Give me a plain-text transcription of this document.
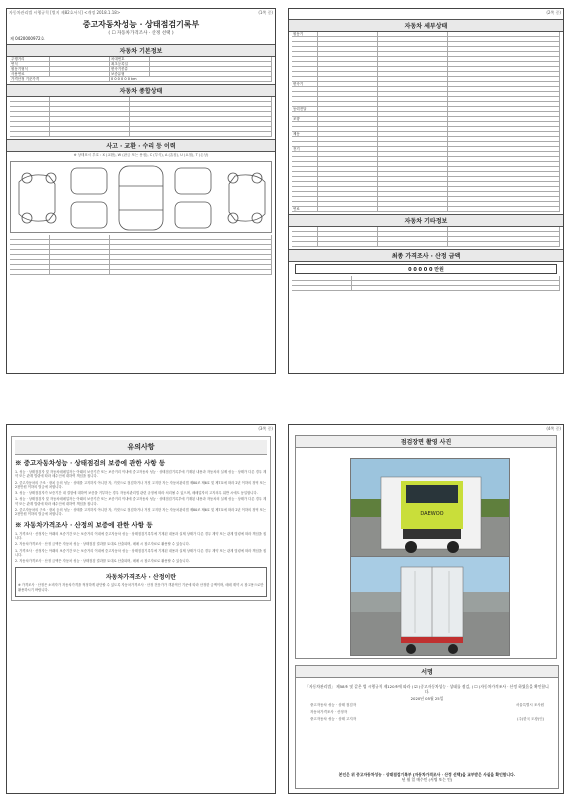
자동차관리법 시행규칙 [별지 제82호서식] <개정 2018.1.18>	(1쪽 중)
중고자동차성능 · 상태점검기록부
( ☐ 자동차가격조사 · 산정 선택 )
제 0420000972호
자동차 기본정보
주행거리	차대번호
연식	최초등록일
원동기형식	변속기종류
사용연료	보증유형
가격산정 기준가격	0 0 0 0 0 0 km
자동차 종합상태
사고 · 교환 · 수리 등 이력
※ 상태표시 부호 : X (교환), W (판금 또는 용접), C (부식), A (흠집), U (요철), T (손상)
(2쪽 중)
자동차 세부상태
원동기
변속기
동력전달
조향
제동
전기
연료
자동차 기타정보
최종 가격조사 · 산정 금액
0 0 0 0 0 만원
(3쪽 중)
유의사항
※ 중고자동차성능 · 상태점검의 보증에 관한 사항 등
1. 성능 · 상태점검자 및 자동차매매업자는 아래의 보증기간 또는 보증거리 이내에 중고자동차 성능 · 상태점검기록부에 기재된 내용과 자동차의 실제 성능 · 상태가 다른 경우 계약 또는 관계 법령에 따라 매수인에 대하여 책임을 집니다.
2. 중고자동차의 구조 · 장치 등의 성능 · 상태를 고지하지 아니한 자, 거짓으로 점검하거나 거짓 고지한 자는 자동차관리법 제80조 제6호 및 제7호에 따라 2년 이하의 징역 또는 2천만원 이하의 벌금에 처합니다.
3. 성능 · 상태점검자가 보증기간 내 결함에 대하여 보증을 거부하는 경우 자동차관리법 관련 규정에 따라 처리될 수 있으며, 매매업자의 고지의무 위반 시에도 동일합니다.
1. 성능 · 상태점검자 및 자동차매매업자는 아래의 보증기간 또는 보증거리 이내에 중고자동차 성능 · 상태점검기록부에 기재된 내용과 자동차의 실제 성능 · 상태가 다른 경우 계약 또는 관계 법령에 따라 매수인에 대하여 책임을 집니다.
2. 중고자동차의 구조 · 장치 등의 성능 · 상태를 고지하지 아니한 자, 거짓으로 점검하거나 거짓 고지한 자는 자동차관리법 제80조 제6호 및 제7호에 따라 2년 이하의 징역 또는 2천만원 이하의 벌금에 처합니다.
※ 자동차가격조사 · 산정의 보증에 관한 사항 등
1. 가격조사 · 산정자는 아래의 보증기간 또는 보증거리 이내에 중고자동차 성능 · 상태점검기록부에 기재된 내용과 실제 상태가 다른 경우 계약 또는 관계 법령에 따라 책임을 집니다.
2. 자동차가격조사 · 산정 금액은 자동차 성능 · 상태점검 결과를 토대로 산출되며, 매매 시 참고자료로 활용할 수 있습니다.
1. 가격조사 · 산정자는 아래의 보증기간 또는 보증거리 이내에 중고자동차 성능 · 상태점검기록부에 기재된 내용과 실제 상태가 다른 경우 계약 또는 관계 법령에 따라 책임을 집니다.
2. 자동차가격조사 · 산정 금액은 자동차 성능 · 상태점검 결과를 토대로 산출되며, 매매 시 참고자료로 활용할 수 있습니다.
자동차가격조사 · 산정이란
※ 가격조사 · 산정은 소비자가 자동차가격을 적정하게 판단할 수 있도록 자동차가격조사 · 산정 전문가가 객관적인 기준에 따라 산정한 금액이며, 매매 계약 시 참고용으로만 활용하시기 바랍니다.
(4쪽 중)
점검장면 촬영 사진
DAEWOO
서명
「자동차관리법」 제58조 및 같은 법 시행규칙 제120조에 따라 ( ☑ )중고자동차성능 · 상태를 점검, ( ☐ )자동차가격조사 · 산정 하였음을 확인합니다.
2020년 05월 25일
중고자동차 성능 · 상태 점검자	서울특별시 조사원
자동차가격조사 · 산정자
중고자동차 성능 · 상태 고지자	(주)한국 도장(인)
본인은 위 중고자동차성능 · 상태점검기록부 [자동차가격조사 · 산정 선택]을 교부받은 사실을 확인합니다.
년 월 일 매수인 (서명 또는 인)
